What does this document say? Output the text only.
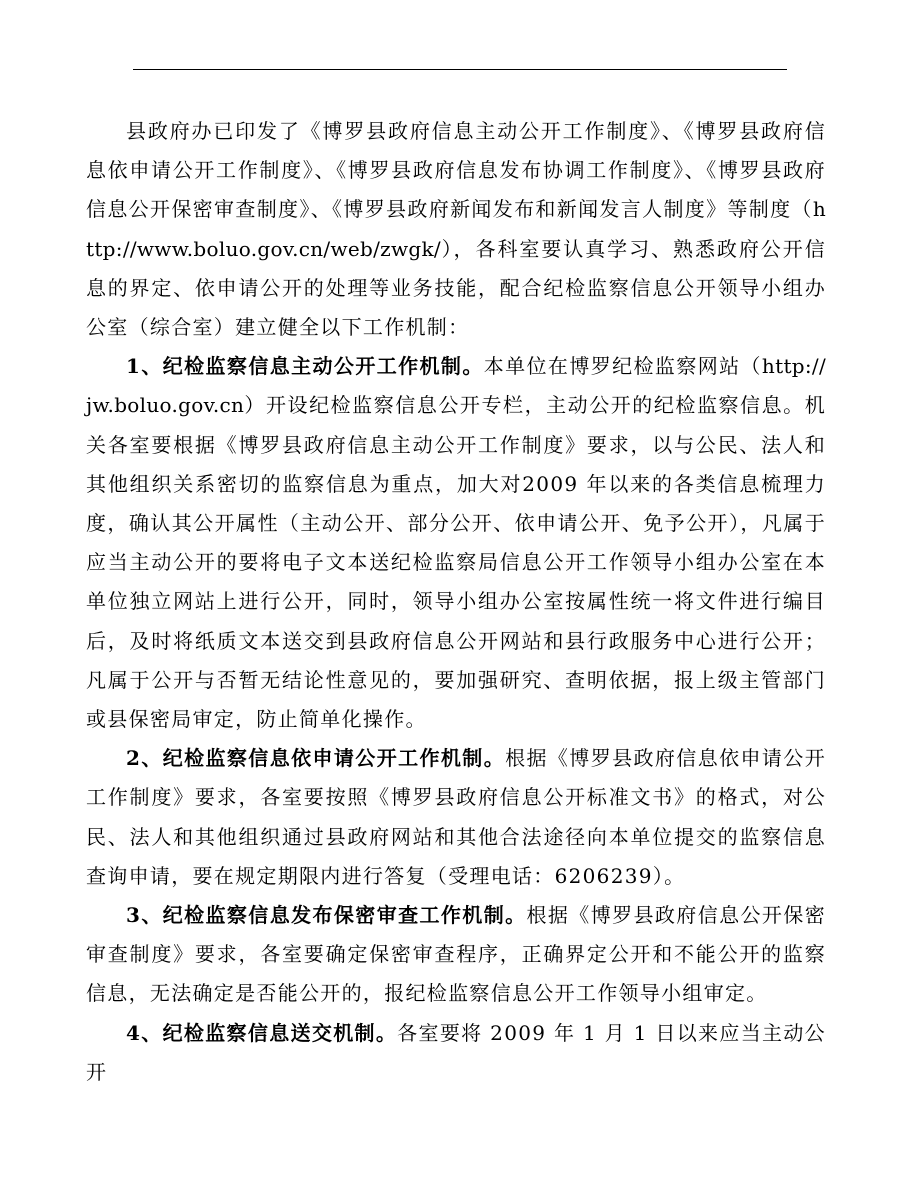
县政府办已印发了《博罗县政府信息主动公开工作制度》、《博罗县政府信息依申请公开工作制度》、《博罗县政府信息发布协调工作制度》、《博罗县政府信息公开保密审查制度》、《博罗县政府新闻发布和新闻发言人制度》等制度（http://www.boluo.gov.cn/web/zwgk/），各科室要认真学习、熟悉政府公开信息的界定、依申请公开的处理等业务技能，配合纪检监察信息公开领导小组办公室（综合室）建立健全以下工作机制：

1、纪检监察信息主动公开工作机制。本单位在博罗纪检监察网站（http://jw.boluo.gov.cn）开设纪检监察信息公开专栏，主动公开的纪检监察信息。机关各室要根据《博罗县政府信息主动公开工作制度》要求，以与公民、法人和其他组织关系密切的监察信息为重点，加大对2009 年以来的各类信息梳理力度，确认其公开属性（主动公开、部分公开、依申请公开、免予公开），凡属于应当主动公开的要将电子文本送纪检监察局信息公开工作领导小组办公室在本单位独立网站上进行公开，同时，领导小组办公室按属性统一将文件进行编目后，及时将纸质文本送交到县政府信息公开网站和县行政服务中心进行公开；凡属于公开与否暂无结论性意见的，要加强研究、查明依据，报上级主管部门或县保密局审定，防止简单化操作。

2、纪检监察信息依申请公开工作机制。根据《博罗县政府信息依申请公开工作制度》要求，各室要按照《博罗县政府信息公开标准文书》的格式，对公民、法人和其他组织通过县政府网站和其他合法途径向本单位提交的监察信息查询申请，要在规定期限内进行答复（受理电话：6206239）。

3、纪检监察信息发布保密审查工作机制。根据《博罗县政府信息公开保密审查制度》要求，各室要确定保密审查程序，正确界定公开和不能公开的监察信息，无法确定是否能公开的，报纪检监察信息公开工作领导小组审定。

4、纪检监察信息送交机制。各室要将 2009 年 1 月 1 日以来应当主动公开
